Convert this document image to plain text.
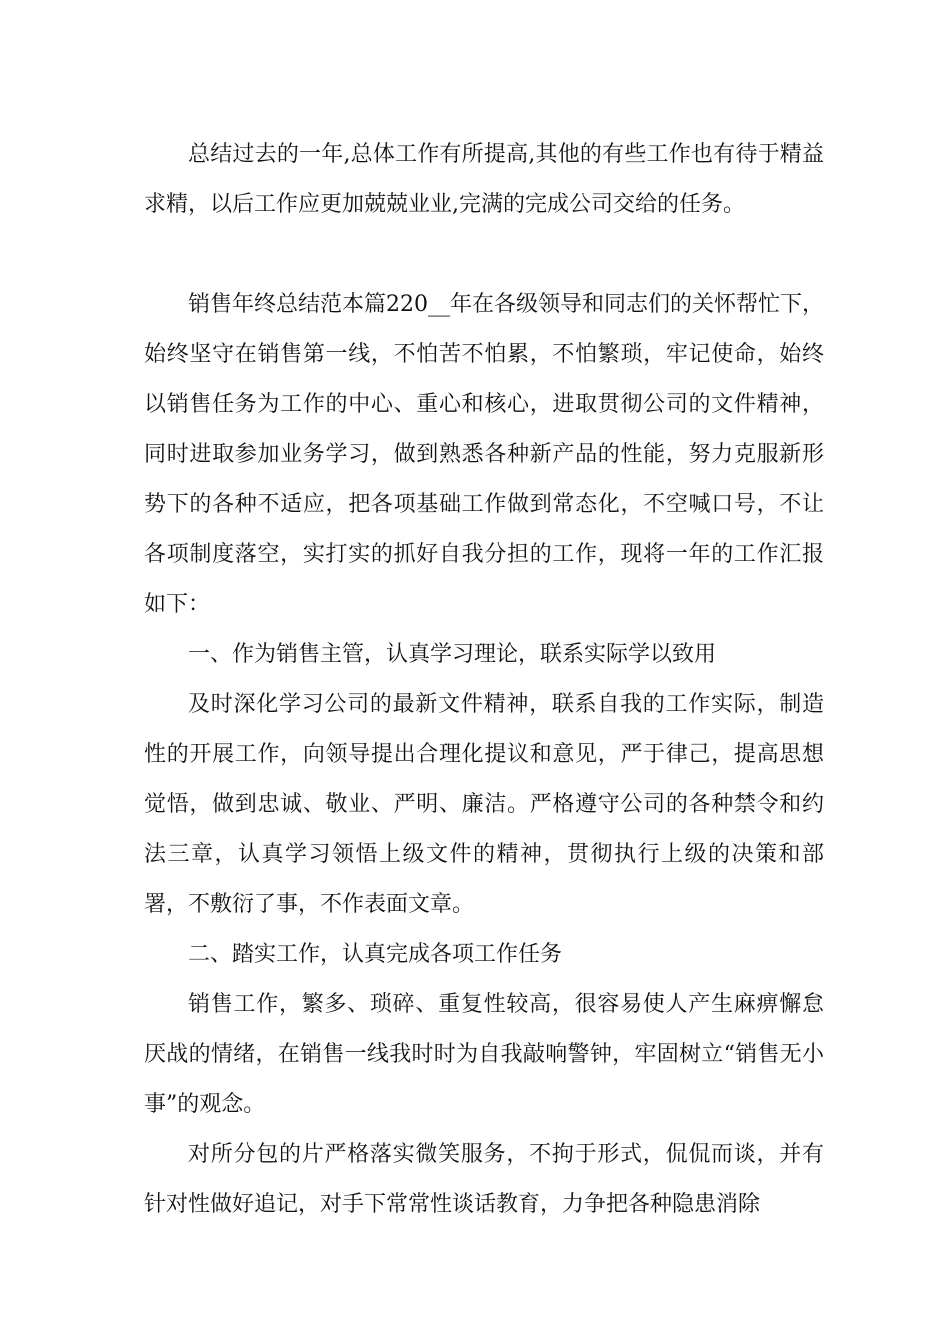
总结过去的一年,总体工作有所提高,其他的有些工作也有待于精益求精，以后工作应更加兢兢业业,完满的完成公司交给的任务。

销售年终总结范本篇220__年在各级领导和同志们的关怀帮忙下，始终坚守在销售第一线，不怕苦不怕累，不怕繁琐，牢记使命，始终以销售任务为工作的中心、重心和核心，进取贯彻公司的文件精神，同时进取参加业务学习，做到熟悉各种新产品的性能，努力克服新形势下的各种不适应，把各项基础工作做到常态化，不空喊口号，不让各项制度落空，实打实的抓好自我分担的工作，现将一年的工作汇报如下：

一、作为销售主管，认真学习理论，联系实际学以致用

及时深化学习公司的最新文件精神，联系自我的工作实际，制造性的开展工作，向领导提出合理化提议和意见，严于律己，提高思想觉悟，做到忠诚、敬业、严明、廉洁。严格遵守公司的各种禁令和约法三章，认真学习领悟上级文件的精神，贯彻执行上级的决策和部署，不敷衍了事，不作表面文章。

二、踏实工作，认真完成各项工作任务

销售工作，繁多、琐碎、重复性较高，很容易使人产生麻痹懈怠厌战的情绪，在销售一线我时时为自我敲响警钟，牢固树立“销售无小事”的观念。

对所分包的片严格落实微笑服务，不拘于形式，侃侃而谈，并有针对性做好追记，对手下常常性谈话教育，力争把各种隐患消除
